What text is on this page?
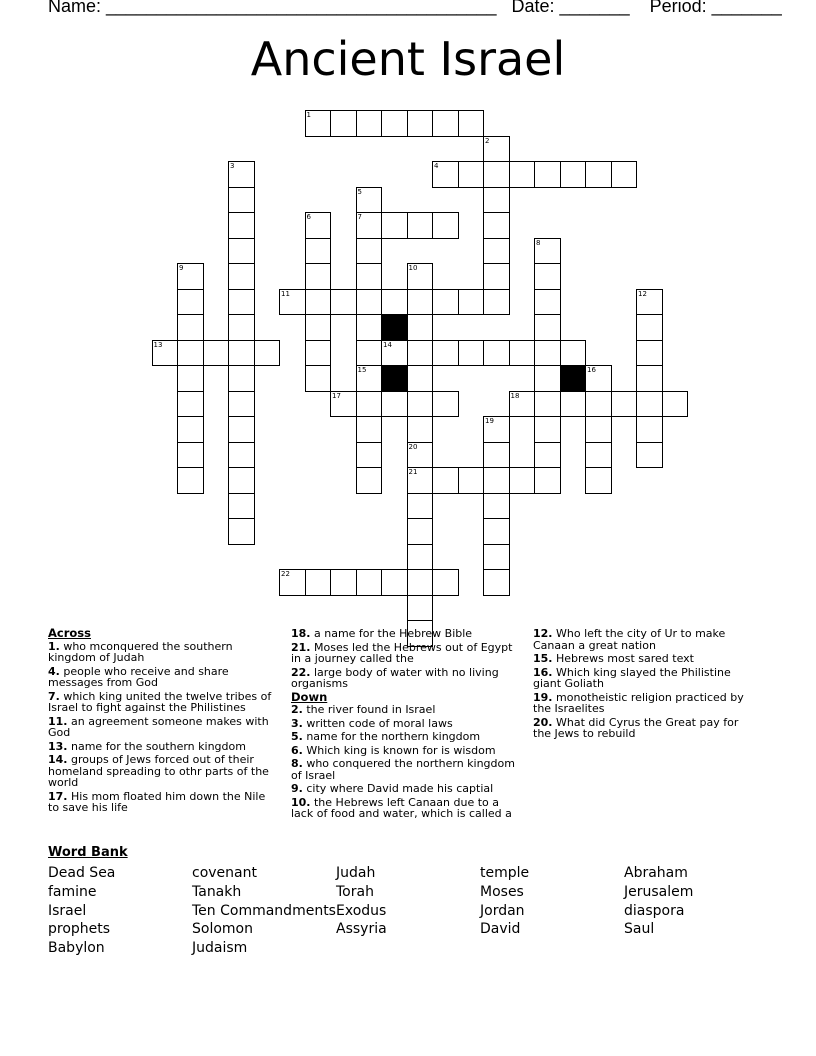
Name: _______________________________________ Date: _______ Period: _______
Ancient Israel
1
4
7
11
13	14
17	18
21
22
2
3
5
15
6
8
9	10
20
12
16
19
Across
1. who mconquered the southern kingdom of Judah
4. people who receive and share messages from God
7. which king united the twelve tribes of Israel to fight against the Philistines
11. an agreement someone makes with God
13. name for the southern kingdom
14. groups of Jews forced out of their homeland spreading to othr parts of the world
17. His mom floated him down the Nile to save his life
18. a name for the Hebrew Bible
21. Moses led the Hebrews out of Egypt in a journey called the
22. large body of water with no living organisms
Down
2. the river found in Israel
3. written code of moral laws
5. name for the northern kingdom
6. Which king is known for is wisdom
8. who conquered the northern kingdom of Israel
9. city where David made his captial
10. the Hebrews left Canaan due to a lack of food and water, which is called a
12. Who left the city of Ur to make Canaan a great nation
15. Hebrews most sared text
16. Which king slayed the Philistine giant Goliath
19. monotheistic religion practiced by the Israelites
20. What did Cyrus the Great pay for the Jews to rebuild
Word Bank
Dead Sea
famine
Israel
prophets
Babylon
covenant
Tanakh
Ten Commandments
Solomon
Judaism
Judah
Torah
Exodus
Assyria
temple
Moses
Jordan
David
Abraham
Jerusalem
diaspora
Saul
